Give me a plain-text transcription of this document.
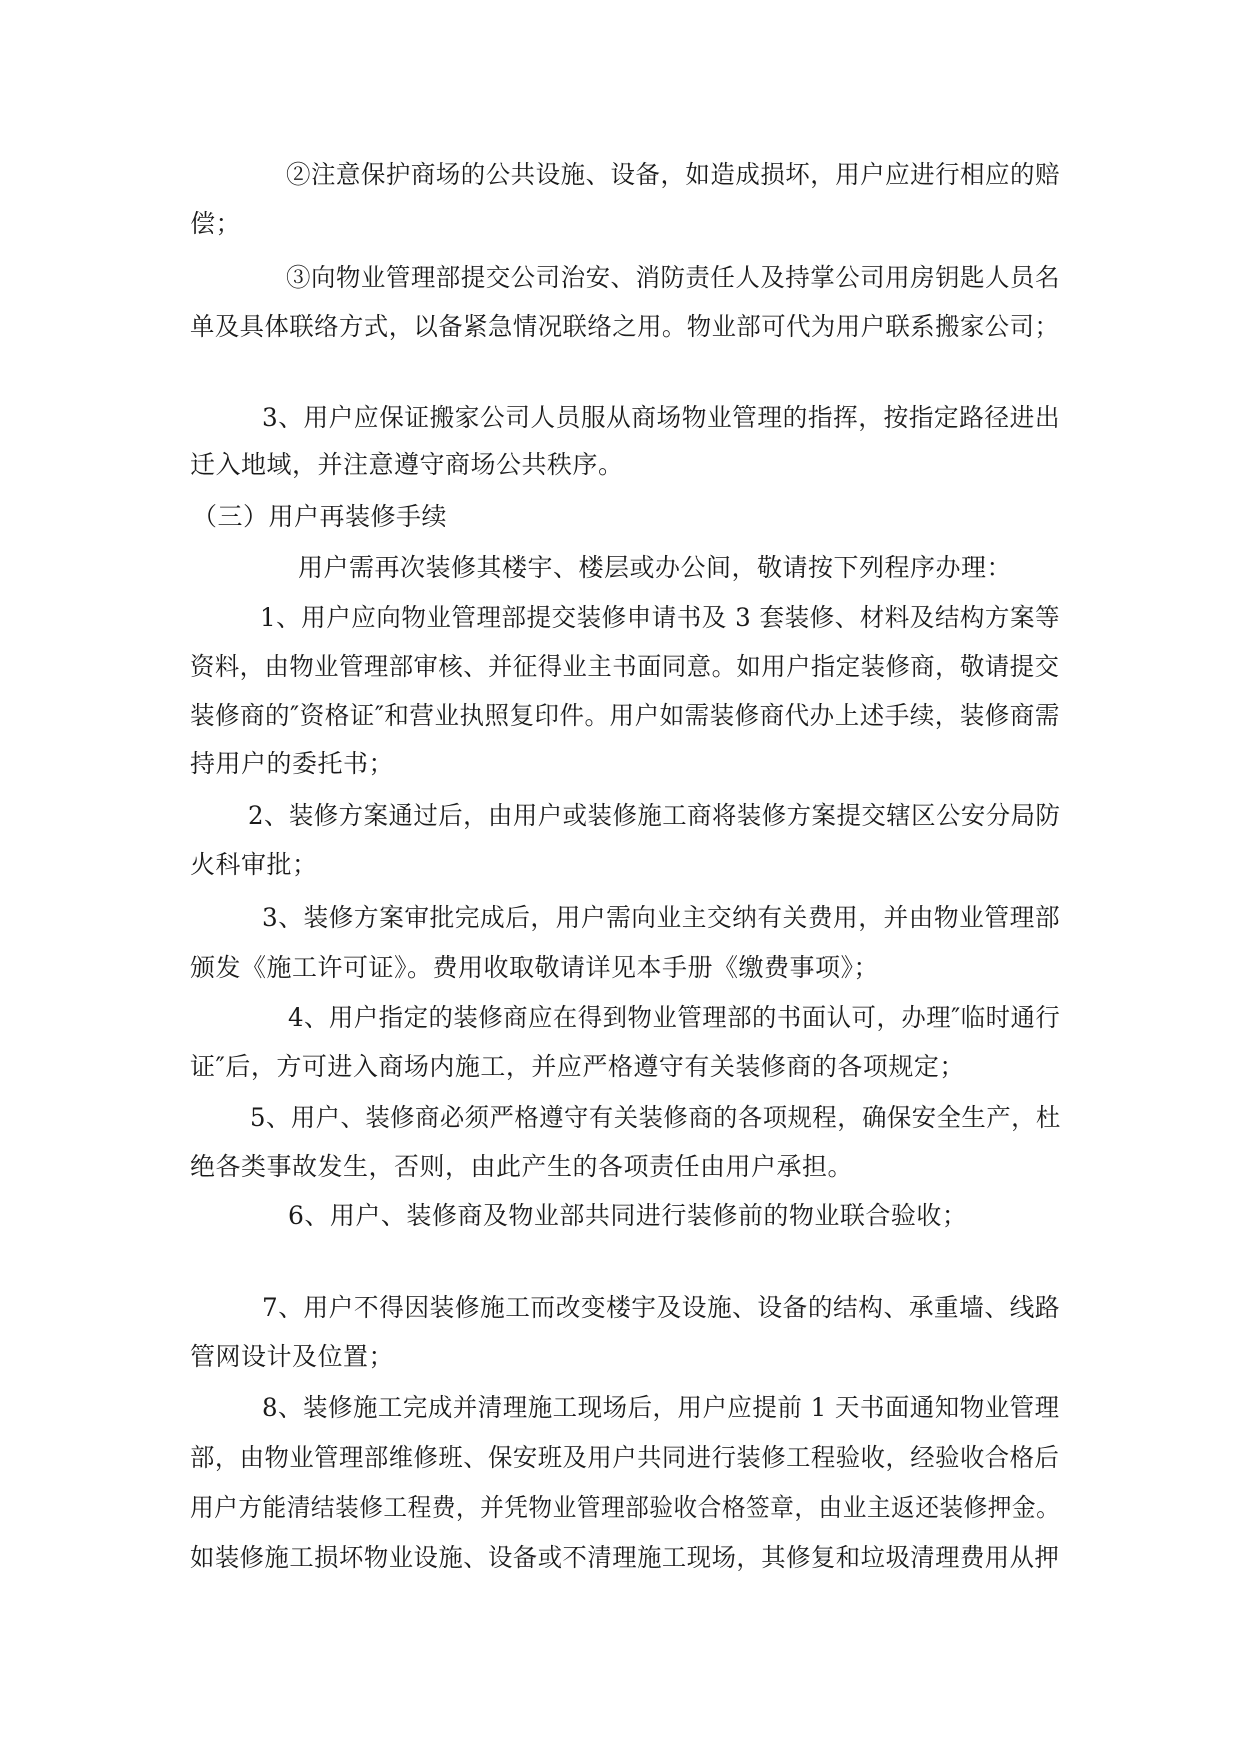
②注意保护商场的公共设施、设备，如造成损坏，用户应进行相应的赔
偿；
③向物业管理部提交公司治安、消防责任人及持掌公司用房钥匙人员名
单及具体联络方式，以备紧急情况联络之用。物业部可代为用户联系搬家公司；
3、用户应保证搬家公司人员服从商场物业管理的指挥，按指定路径进出
迁入地域，并注意遵守商场公共秩序。
（三）用户再装修手续
用户需再次装修其楼宇、楼层或办公间，敬请按下列程序办理：
1、用户应向物业管理部提交装修申请书及 3 套装修、材料及结构方案等
资料，由物业管理部审核、并征得业主书面同意。如用户指定装修商，敬请提交
装修商的″资格证″和营业执照复印件。用户如需装修商代办上述手续，装修商需
持用户的委托书；
2、装修方案通过后，由用户或装修施工商将装修方案提交辖区公安分局防
火科审批；
3、装修方案审批完成后，用户需向业主交纳有关费用，并由物业管理部
颁发《施工许可证》。费用收取敬请详见本手册《缴费事项》；
4、用户指定的装修商应在得到物业管理部的书面认可，办理″临时通行
证″后，方可进入商场内施工，并应严格遵守有关装修商的各项规定；
5、用户、装修商必须严格遵守有关装修商的各项规程，确保安全生产，杜
绝各类事故发生，否则，由此产生的各项责任由用户承担。
6、用户、装修商及物业部共同进行装修前的物业联合验收；
7、用户不得因装修施工而改变楼宇及设施、设备的结构、承重墙、线路
管网设计及位置；
8、装修施工完成并清理施工现场后，用户应提前 1 天书面通知物业管理
部，由物业管理部维修班、保安班及用户共同进行装修工程验收，经验收合格后
用户方能清结装修工程费，并凭物业管理部验收合格签章，由业主返还装修押金。
如装修施工损坏物业设施、设备或不清理施工现场，其修复和垃圾清理费用从押
